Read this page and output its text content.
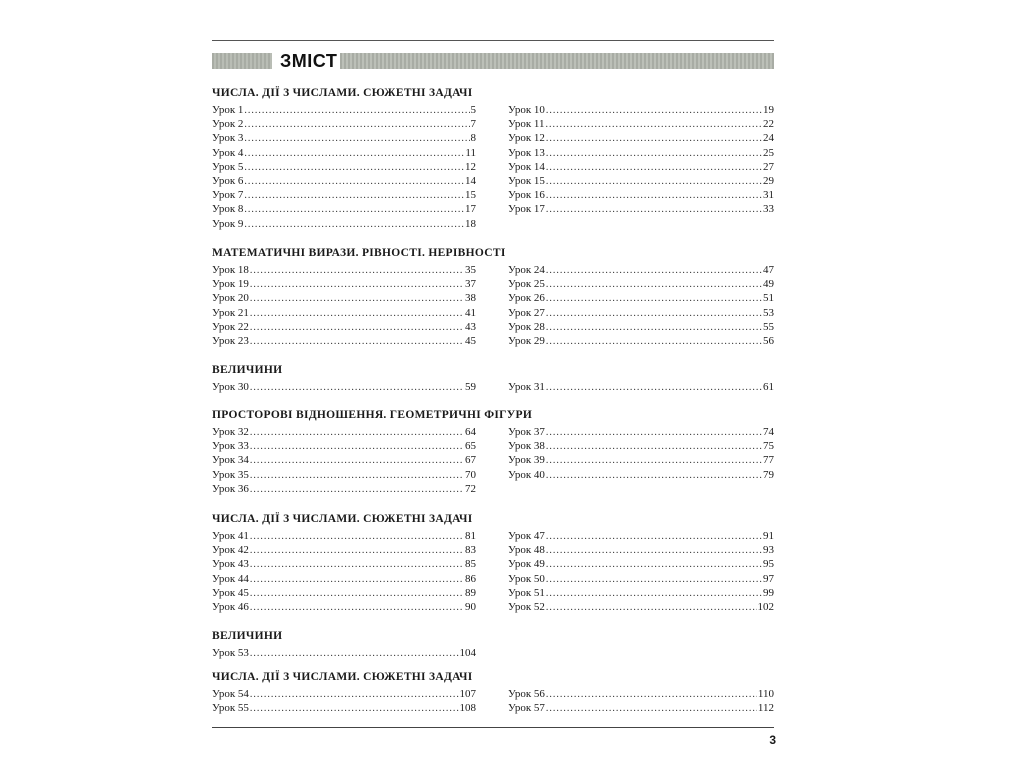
ЗМІСТ
ЧИСЛА. ДІЇ З ЧИСЛАМИ. СЮЖЕТНІ ЗАДАЧІ
Урок 1 .....	5
Урок 2 .....	7
Урок 3 .....	8
Урок 4 .....	11
Урок 5 .....	12
Урок 6 .....	14
Урок 7 .....	15
Урок 8 .....	17
Урок 9 .....	18
Урок 10 .....	19
Урок 11 .....	22
Урок 12 .....	24
Урок 13 .....	25
Урок 14 .....	27
Урок 15 .....	29
Урок 16 .....	31
Урок 17 .....	33
МАТЕМАТИЧНІ ВИРАЗИ. РІВНОСТІ. НЕРІВНОСТІ
Урок 18 .....	35
Урок 19 .....	37
Урок 20 .....	38
Урок 21 .....	41
Урок 22 .....	43
Урок 23 .....	45
Урок 24 .....	47
Урок 25 .....	49
Урок 26 .....	51
Урок 27 .....	53
Урок 28 .....	55
Урок 29 .....	56
ВЕЛИЧИНИ
Урок 30 .....	59	Урок 31 .....	61
ПРОСТОРОВІ ВІДНОШЕННЯ. ГЕОМЕТРИЧНІ ФІГУРИ
Урок 32 .....	64
Урок 33 .....	65
Урок 34 .....	67
Урок 35 .....	70
Урок 36 .....	72
Урок 37 .....	74
Урок 38 .....	75
Урок 39 .....	77
Урок 40 .....	79
ЧИСЛА. ДІЇ З ЧИСЛАМИ. СЮЖЕТНІ ЗАДАЧІ
Урок 41 .....	81
Урок 42 .....	83
Урок 43 .....	85
Урок 44 .....	86
Урок 45 .....	89
Урок 46 .....	90
Урок 47 .....	91
Урок 48 .....	93
Урок 49 .....	95
Урок 50 .....	97
Урок 51 .....	99
Урок 52 .....	102
ВЕЛИЧИНИ
Урок 53 .....	104
ЧИСЛА. ДІЇ З ЧИСЛАМИ. СЮЖЕТНІ ЗАДАЧІ
Урок 54 .....	107
Урок 55 .....	108
Урок 56 .....	110
Урок 57 .....	112
3
